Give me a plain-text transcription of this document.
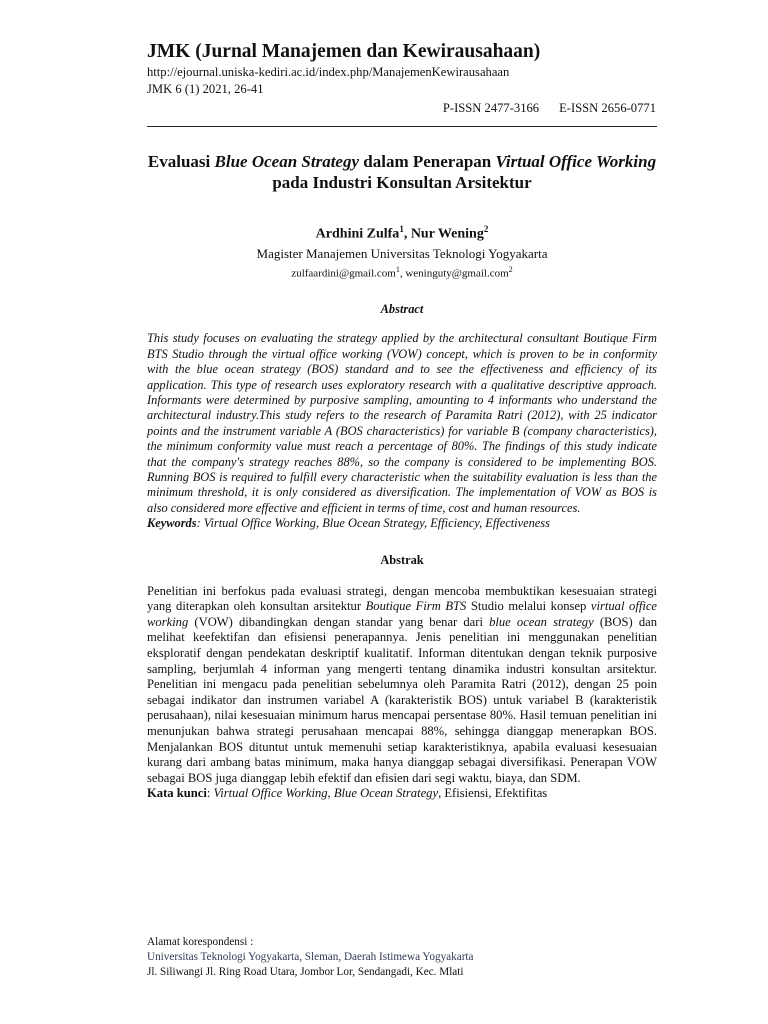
JMK (Jurnal Manajemen dan Kewirausahaan)
http://ejournal.uniska-kediri.ac.id/index.php/ManajemenKewirausahaan
JMK 6 (1) 2021, 26-41
P-ISSN 2477-3166 E-ISSN 2656-0771
Evaluasi Blue Ocean Strategy dalam Penerapan Virtual Office Working pada Industri Konsultan Arsitektur
Ardhini Zulfa$^1$, Nur Wening$^2$
Magister Manajemen Universitas Teknologi Yogyakarta
zulfaardini@gmail.com$^1$, weninguty@gmail.com$^2$
Abstract
This study focuses on evaluating the strategy applied by the architectural consultant Boutique Firm BTS Studio through the virtual office working (VOW) concept, which is proven to be in conformity with the blue ocean strategy (BOS) standard and to see the effectiveness and efficiency of its application. This type of research uses exploratory research with a qualitative descriptive approach. Informants were determined by purposive sampling, amounting to 4 informants who understand the architectural industry.This study refers to the research of Paramita Ratri (2012), with 25 indicator points and the instrument variable A (BOS characteristics) for variable B (company characteristics), the minimum conformity value must reach a percentage of 80%. The findings of this study indicate that the company's strategy reaches 88%, so the company is considered to be implementing BOS. Running BOS is required to fulfill every characteristic when the suitability evaluation is less than the minimum threshold, it is only considered as diversification. The implementation of VOW as BOS is also considered more effective and efficient in terms of time, cost and human resources.
Keywords: Virtual Office Working, Blue Ocean Strategy, Efficiency, Effectiveness
Abstrak
Penelitian ini berfokus pada evaluasi strategi, dengan mencoba membuktikan kesesuaian strategi yang diterapkan oleh konsultan arsitektur Boutique Firm BTS Studio melalui konsep virtual office working (VOW) dibandingkan dengan standar yang benar dari blue ocean strategy (BOS) dan melihat keefektifan dan efisiensi penerapannya. Jenis penelitian ini menggunakan penelitian eksploratif dengan pendekatan deskriptif kualitatif. Informan ditentukan dengan teknik purposive sampling, berjumlah 4 informan yang mengerti tentang dinamika industri konsultan arsitektur. Penelitian ini mengacu pada penelitian sebelumnya oleh Paramita Ratri (2012), dengan 25 poin sebagai indikator dan instrumen variabel A (karakteristik BOS) untuk variabel B (karakteristik perusahaan), nilai kesesuaian minimum harus mencapai persentase 80%. Hasil temuan penelitian ini menunjukan bahwa strategi perusahaan mencapai 88%, sehingga dianggap menerapkan BOS. Menjalankan BOS dituntut untuk memenuhi setiap karakteristiknya, apabila evaluasi kesesuaian kurang dari ambang batas minimum, maka hanya dianggap sebagai diversifikasi. Penerapan VOW sebagai BOS juga dianggap lebih efektif dan efisien dari segi waktu, biaya, dan SDM.
Kata kunci: Virtual Office Working, Blue Ocean Strategy, Efisiensi, Efektifitas
Alamat korespondensi :
Universitas Teknologi Yogyakarta, Sleman, Daerah Istimewa Yogyakarta
Jl. Siliwangi Jl. Ring Road Utara, Jombor Lor, Sendangadi, Kec. Mlati
